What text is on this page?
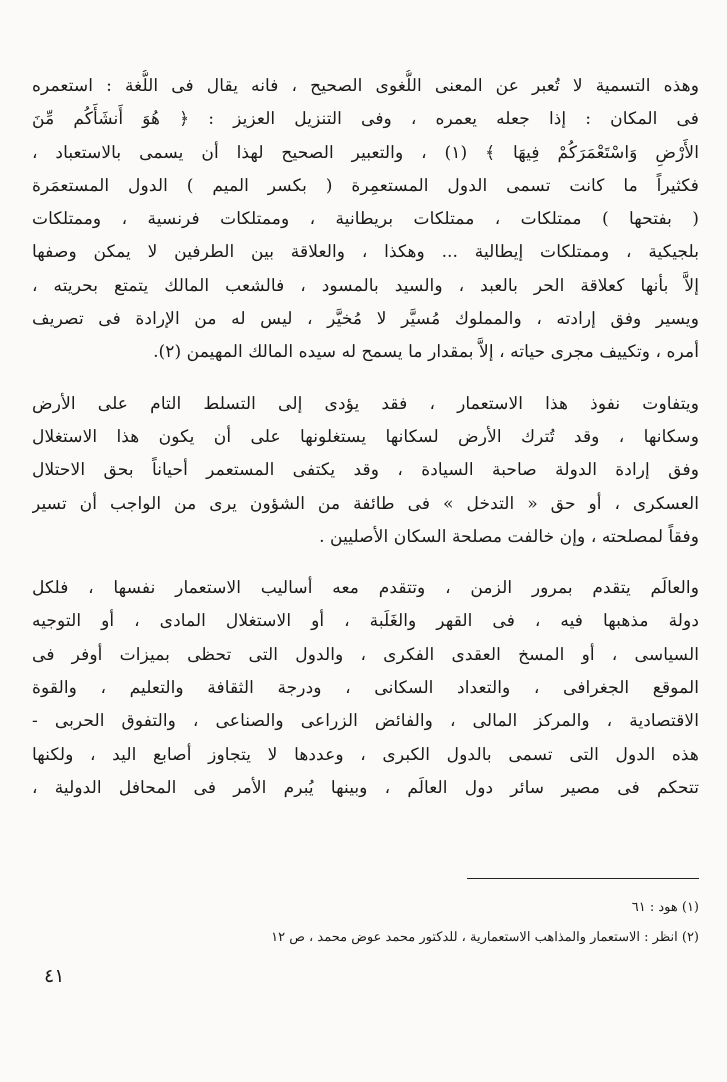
وهذه التسمية لا تُعبر عن المعنى اللُّغوى الصحيح ، فانه يقال فى اللُّغة : استعمره
فى المكان : إذا جعله يعمره ، وفى التنزيل العزيز : ﴿ هُوَ أَنشَأَكُم مِّنَ
الأَرْضِ وَاسْتَعْمَرَكُمْ فِيهَا ﴾ (١) ، والتعبير الصحيح لهذا أن يسمى بالاستعباد ،
فكثيراً ما كانت تسمى الدول المستعمِرة ( بكسر الميم ) الدول المستعمَرة
( بفتحها ) ممتلكات ، ممتلكات بريطانية ، وممتلكات فرنسية ، وممتلكات
بلجيكية ، وممتلكات إيطالية ... وهكذا ، والعلاقة بين الطرفين لا يمكن وصفها
إلاَّ بأنها كعلاقة الحر بالعبد ، والسيد بالمسود ، فالشعب المالك يتمتع بحريته ،
ويسير وفق إرادته ، والمملوك مُسيَّر لا مُخيَّر ، ليس له من الإرادة فى تصريف
أمره ، وتكييف مجرى حياته ، إلاَّ بمقدار ما يسمح له سيده المالك المهيمن (٢).

ويتفاوت نفوذ هذا الاستعمار ، فقد يؤدى إلى التسلط التام على الأرض
وسكانها ، وقد تُترك الأرض لسكانها يستغلونها على أن يكون هذا الاستغلال
وفق إرادة الدولة صاحبة السيادة ، وقد يكتفى المستعمر أحياناً بحق الاحتلال
العسكرى ، أو حق « التدخل » فى طائفة من الشؤون يرى من الواجب أن تسير
وفقاً لمصلحته ، وإن خالفت مصلحة السكان الأصليين .

والعالَم يتقدم بمرور الزمن ، وتتقدم معه أساليب الاستعمار نفسها ، فلكل
دولة مذهبها فيه ، فى القهر والغَلَبة ، أو الاستغلال المادى ، أو التوجيه
السياسى ، أو المسخ العقدى الفكرى ، والدول التى تحظى بميزات أوفر فى
الموقع الجغرافى ، والتعداد السكانى ، ودرجة الثقافة والتعليم ، والقوة
الاقتصادية ، والمركز المالى ، والفائض الزراعى والصناعى ، والتفوق الحربى -
هذه الدول التى تسمى بالدول الكبرى ، وعددها لا يتجاوز أصابع اليد ، ولكنها
تتحكم فى مصير سائر دول العالَم ، وبينها يُبرم الأمر فى المحافل الدولية ،

(١) هود : ٦١
(٢) انظر : الاستعمار والمذاهب الاستعمارية ، للدكتور محمد عوض محمد ، ص ١٢
٤١
